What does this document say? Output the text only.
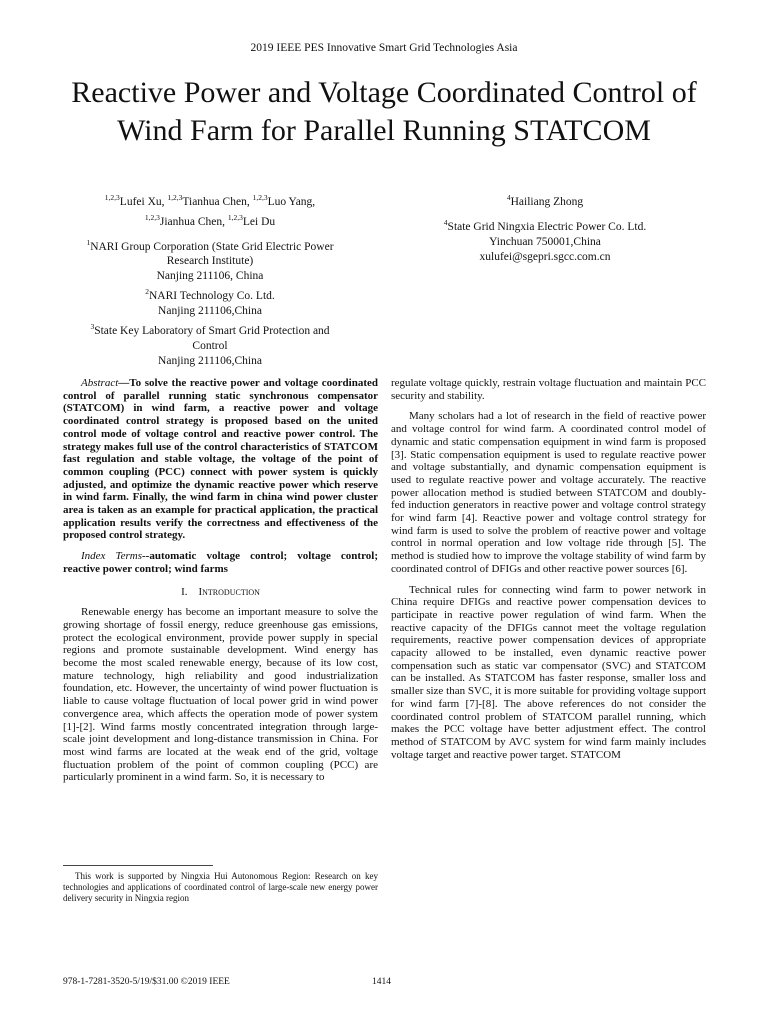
2019 IEEE PES Innovative Smart Grid Technologies Asia
Reactive Power and Voltage Coordinated Control of
Wind Farm for Parallel Running STATCOM
$^{1,2,3}$Lufei Xu, $^{1,2,3}$Tianhua Chen, $^{1,2,3}$Luo Yang,
$^{1,2,3}$Jianhua Chen, $^{1,2,3}$Lei Du
$^1$NARI Group Corporation (State Grid Electric Power
Research Institute)
Nanjing 211106, China
$^2$NARI Technology Co. Ltd.
Nanjing 211106,China
$^3$State Key Laboratory of Smart Grid Protection and
Control
Nanjing 211106,China
$^4$Hailiang Zhong
$^4$State Grid Ningxia Electric Power Co. Ltd.
Yinchuan 750001,China
xulufei@sgepri.sgcc.com.cn

Abstract—To solve the reactive power and voltage coordinated control of parallel running static synchronous compensator (STATCOM) in wind farm, a reactive power and voltage coordinated control strategy is proposed based on the united control mode of voltage control and reactive power control. The strategy makes full use of the control characteristics of STATCOM fast regulation and stable voltage, the voltage of the point of common coupling (PCC) connect with power system is quickly adjusted, and optimize the dynamic reactive power which reserve in wind farm. Finally, the wind farm in china wind power cluster area is taken as an example for practical application, the practical application results verify the correctness and effectiveness of the proposed control strategy.

Index Terms--automatic voltage control; voltage control; reactive power control; wind farms

I. Introduction

Renewable energy has become an important measure to solve the growing shortage of fossil energy, reduce greenhouse gas emissions, protect the ecological environment, provide power supply in special regions and promote sustainable development. Wind energy has become the most scaled renewable energy, because of its low cost, mature technology, high reliability and good industrialization foundation, etc. However, the uncertainty of wind power fluctuation is liable to cause voltage fluctuation of local power grid in wind power convergence area, which affects the operation mode of power system [1]-[2]. Wind farms mostly concentrated integration through large-scale joint development and long-distance transmission in China. For most wind farms are located at the weak end of the grid, voltage fluctuation problem of the point of common coupling (PCC) are particularly prominent in a wind farm. So, it is necessary to

regulate voltage quickly, restrain voltage fluctuation and maintain PCC security and stability.

Many scholars had a lot of research in the field of reactive power and voltage control for wind farm. A coordinated control model of dynamic and static compensation equipment in wind farm is proposed [3]. Static compensation equipment is used to regulate reactive power and voltage substantially, and dynamic compensation equipment is used to regulate reactive power and voltage accurately. The reactive power allocation method is studied between STATCOM and doubly-fed induction generators in reactive power and voltage control strategy for wind farm [4]. Reactive power and voltage control strategy for wind farm is used to solve the problem of reactive power and voltage control in normal operation and low voltage ride through [5]. The method is studied how to improve the voltage stability of wind farm by coordinated control of DFIGs and other reactive power sources [6].

Technical rules for connecting wind farm to power network in China require DFIGs and reactive power compensation devices to participate in reactive power regulation of wind farm. When the reactive capacity of the DFIGs cannot meet the voltage regulation requirements, reactive power compensation devices of appropriate capacity allowed to be installed, even dynamic reactive power compensation such as static var compensator (SVC) and STATCOM can be installed. As STATCOM has faster response, smaller loss and smaller size than SVC, it is more suitable for providing voltage support for wind farm [7]-[8]. The above references do not consider the coordinated control problem of STATCOM parallel running, which makes the PCC voltage have better adjustment effect. The control method of STATCOM by AVC system for wind farm mainly includes voltage target and reactive power target. STATCOM

This work is supported by Ningxia Hui Autonomous Region: Research on key technologies and applications of coordinated control of large-scale new energy power delivery security in Ningxia region
978-1-7281-3520-5/19/$31.00 ©2019 IEEE	1414
